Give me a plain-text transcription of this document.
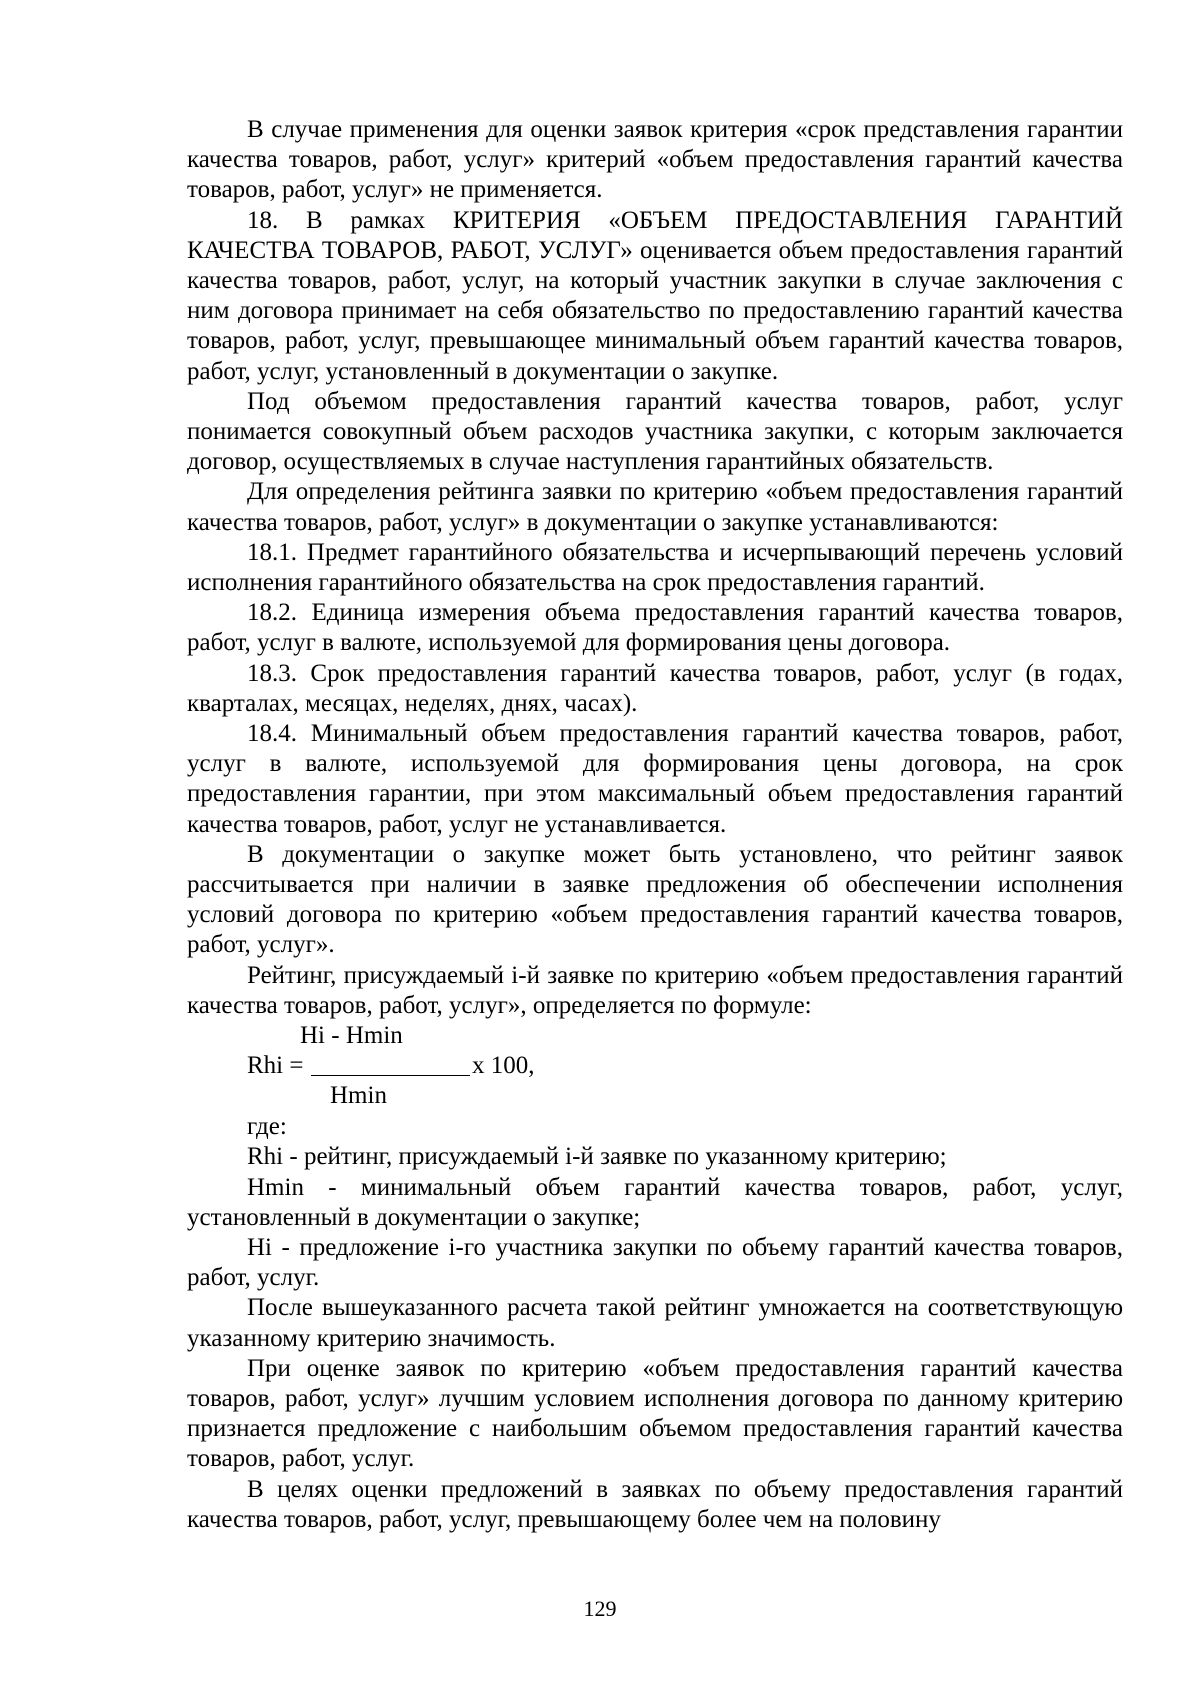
В случае применения для оценки заявок критерия «срок представления гарантии качества товаров, работ, услуг» критерий «объем предоставления гарантий качества товаров, работ, услуг» не применяется.

18. В рамках КРИТЕРИЯ «ОБЪЕМ ПРЕДОСТАВЛЕНИЯ ГАРАНТИЙ КАЧЕСТВА ТОВАРОВ, РАБОТ, УСЛУГ» оценивается объем предоставления гарантий качества товаров, работ, услуг, на который участник закупки в случае заключения с ним договора принимает на себя обязательство по предоставлению гарантий качества товаров, работ, услуг, превышающее минимальный объем гарантий качества товаров, работ, услуг, установленный в документации о закупке.

Под объемом предоставления гарантий качества товаров, работ, услуг понимается совокупный объем расходов участника закупки, с которым заключается договор, осуществляемых в случае наступления гарантийных обязательств.

Для определения рейтинга заявки по критерию «объем предоставления гарантий качества товаров, работ, услуг» в документации о закупке устанавливаются:

18.1. Предмет гарантийного обязательства и исчерпывающий перечень условий исполнения гарантийного обязательства на срок предоставления гарантий.

18.2. Единица измерения объема предоставления гарантий качества товаров, работ, услуг в валюте, используемой для формирования цены договора.

18.3. Срок предоставления гарантий качества товаров, работ, услуг (в годах, кварталах, месяцах, неделях, днях, часах).

18.4. Минимальный объем предоставления гарантий качества товаров, работ, услуг в валюте, используемой для формирования цены договора, на срок предоставления гарантии, при этом максимальный объем предоставления гарантий качества товаров, работ, услуг не устанавливается.

В документации о закупке может быть установлено, что рейтинг заявок рассчитывается при наличии в заявке предложения об обеспечении исполнения условий договора по критерию «объем предоставления гарантий качества товаров, работ, услуг».

Рейтинг, присуждаемый i-й заявке по критерию «объем предоставления гарантий качества товаров, работ, услуг», определяется по формуле:

Hi - Hmin
Rhi =	x 100,
Hmin

где:

Rhi - рейтинг, присуждаемый i-й заявке по указанному критерию;

Hmin - минимальный объем гарантий качества товаров, работ, услуг, установленный в документации о закупке;

Hi - предложение i-го участника закупки по объему гарантий качества товаров, работ, услуг.

После вышеуказанного расчета такой рейтинг умножается на соответствующую указанному критерию значимость.

При оценке заявок по критерию «объем предоставления гарантий качества товаров, работ, услуг» лучшим условием исполнения договора по данному критерию признается предложение с наибольшим объемом предоставления гарантий качества товаров, работ, услуг.

В целях оценки предложений в заявках по объему предоставления гарантий качества товаров, работ, услуг, превышающему более чем на половину

129
